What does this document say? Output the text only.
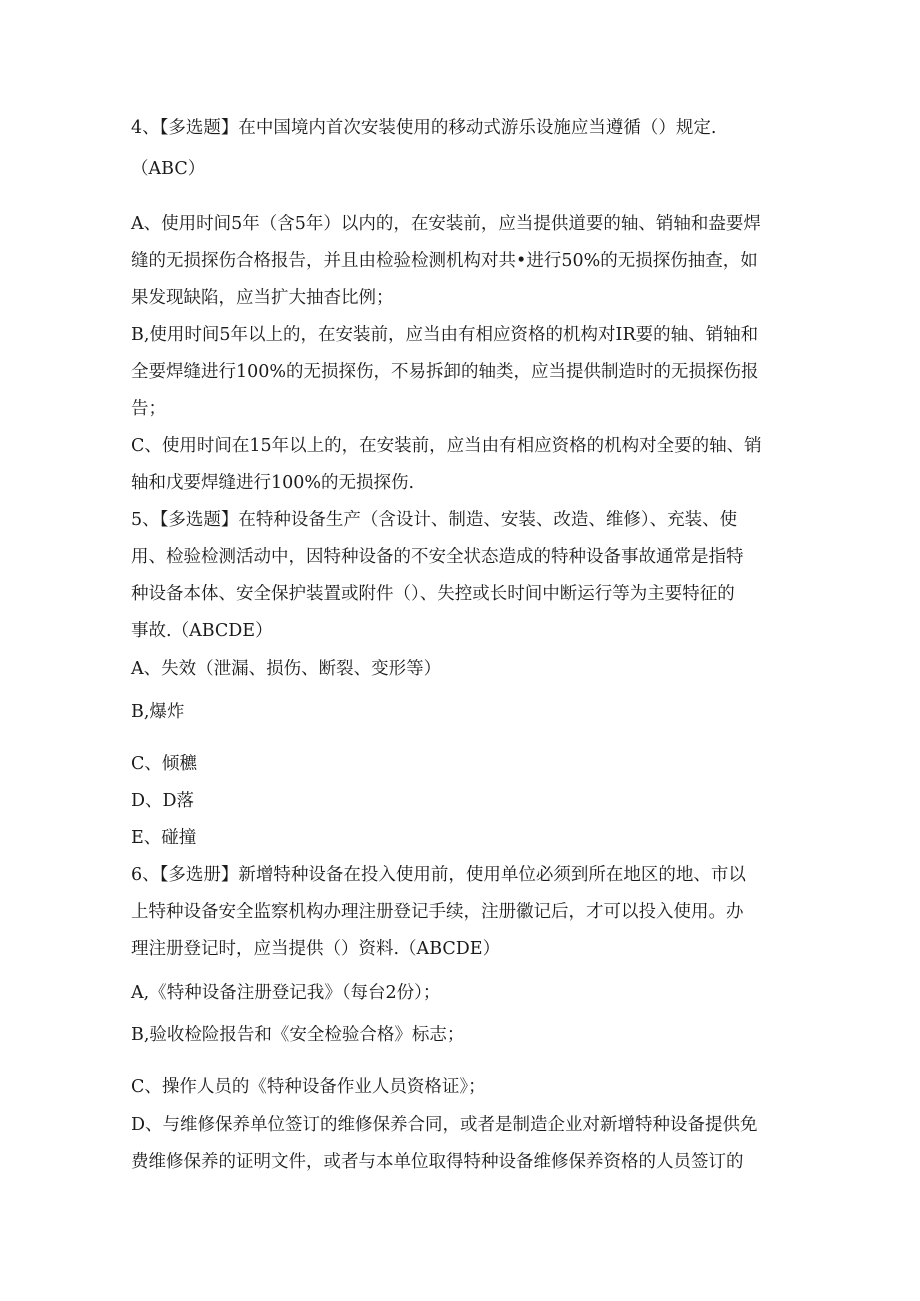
4、【多选题】在中国境内首次安装使用的移动式游乐设施应当遵循（）规定.
（ABC）
A、使用时间5年（含5年）以内的，在安装前，应当提供道要的轴、销轴和盎要焊
缝的无损探伤合格报告，并且由检验检测机构对共•进行50%的无损探伤抽查，如
果发现缺陷，应当扩大抽杳比例；
B,使用时间5年以上的，在安装前，应当由有相应资格的机构对ⅠR要的轴、销轴和
全要焊缝进行100%的无损探伤，不易拆卸的轴类，应当提供制造时的无损探伤报
告；
C、使用时间在15年以上的，在安装前，应当由有相应资格的机构对全要的轴、销
轴和戊要焊缝进行100%的无损探伤.
5、【多选题】在特种设备生产（含设计、制造、安装、改造、维修）、充装、使
用、检验检测活动中，因特种设备的不安全状态造成的特种设备事故通常是指特
种设备本体、安全保护装置或附件（）、失控或长时间中断运行等为主要特征的
事故.（ABCDE）
A、失效（泄漏、损伤、断裂、变形等）
B,爆炸
C、倾穮
D、D落
E、碰撞
6、【多选册】新增特种设备在投入使用前，使用单位必须到所在地区的地、市以
上特种设备安全监察机构办理注册登记手续，注册徽记后，才可以投入使用。办
理注册登记时，应当提供（）资料.（ABCDE）
A,《特种设备注册登记我》（每台2份）；
B,验收检险报告和《安全检验合格》标志；
C、操作人员的《特种设备作业人员资格证》；
D、与维修保养单位签订的维修保养合同，或者是制造企业对新增特种设备提供免
费维修保养的证明文件，或者与本单位取得特种设备维修保养资格的人员签订的
